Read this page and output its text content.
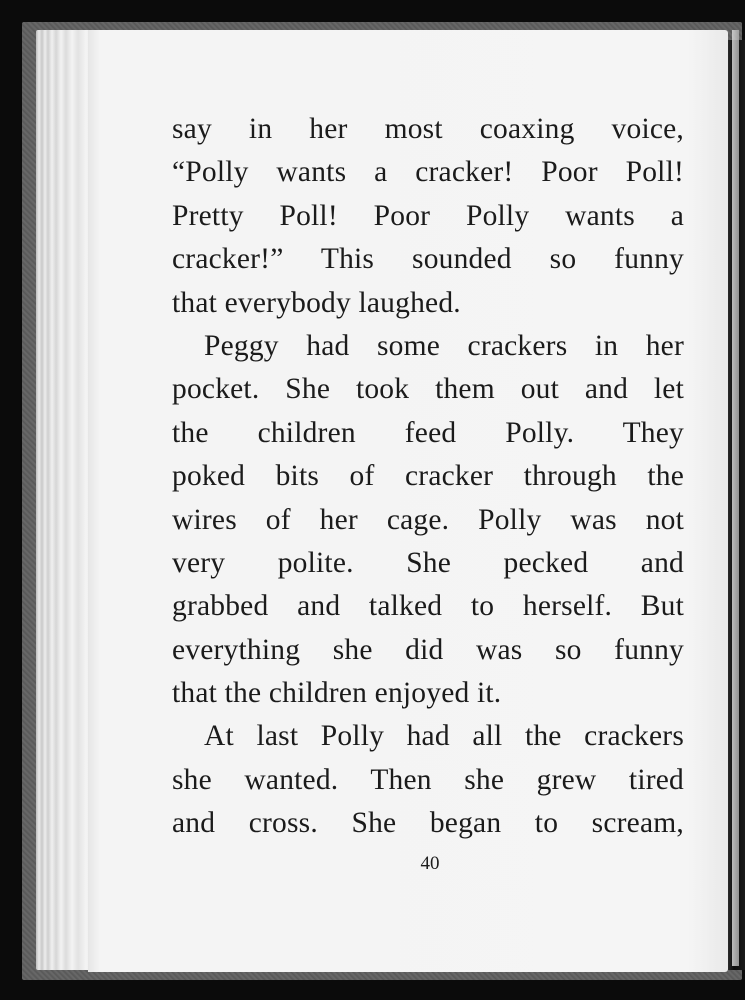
say in her most coaxing voice,
“Polly wants a cracker! Poor Poll!
Pretty Poll! Poor Polly wants a
cracker!” This sounded so funny
that everybody laughed.
Peggy had some crackers in her
pocket. She took them out and let
the children feed Polly. They
poked bits of cracker through the
wires of her cage. Polly was not
very polite. She pecked and
grabbed and talked to herself. But
everything she did was so funny
that the children enjoyed it.
At last Polly had all the crackers
she wanted. Then she grew tired
and cross. She began to scream,
40
